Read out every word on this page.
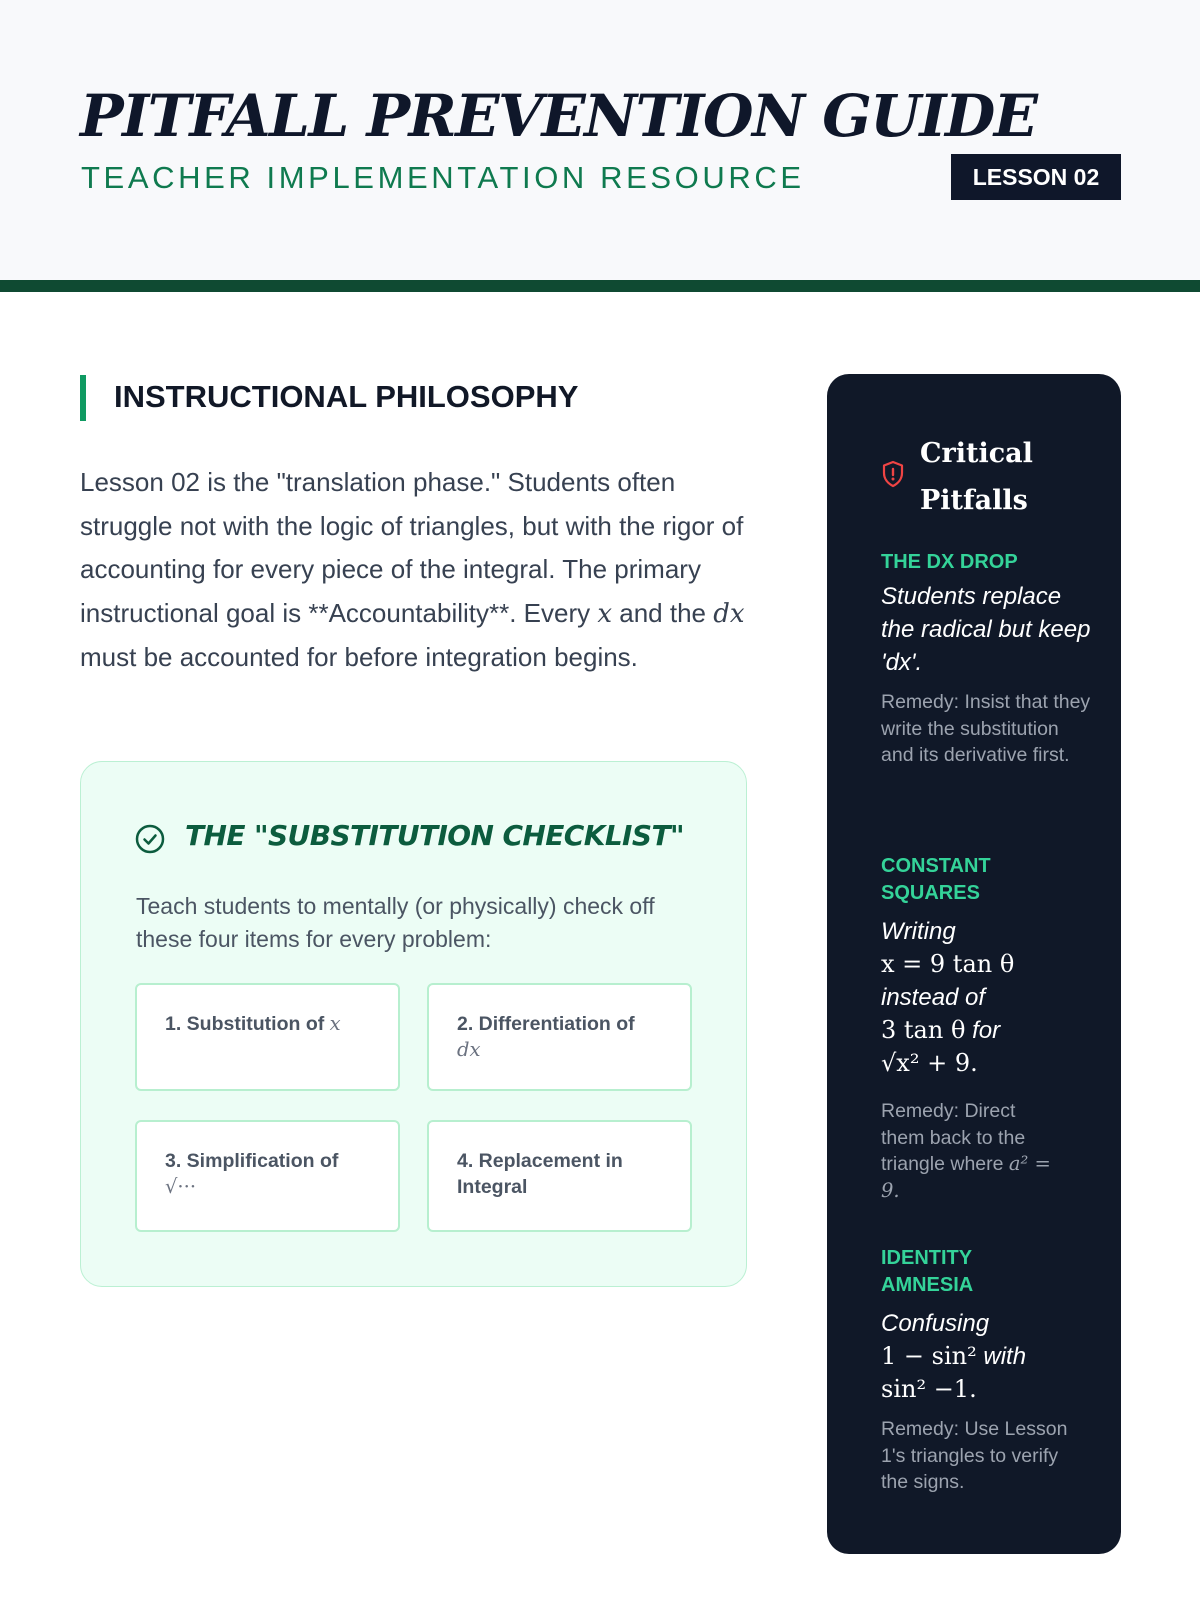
PITFALL PREVENTION GUIDE
TEACHER IMPLEMENTATION RESOURCE	LESSON 02
INSTRUCTIONAL PHILOSOPHY

Lesson 02 is the "translation phase." Students often struggle not with the logic of triangles, but with the rigor of accounting for every piece of the integral. The primary instructional goal is **Accountability**. Every x and the dx must be accounted for before integration begins.

THE "SUBSTITUTION CHECKLIST"

Teach students to mentally (or physically) check off these four items for every problem:

1. Substitution of x	2. Differentiation of
dx
3. Simplification of
√···
4. Replacement in Integral
Critical
Pitfalls
THE DX DROP
Students replace the radical but keep 'dx'.
Remedy: Insist that they write the substitution and its derivative first.
CONSTANT SQUARES
Writing
x = 9 tan θ
instead of
3 tan θ for
√x² + 9.
Remedy: Direct them back to the triangle where a² = 9.
IDENTITY AMNESIA
Confusing
1 − sin² with
sin² −1.
Remedy: Use Lesson 1's triangles to verify the signs.
